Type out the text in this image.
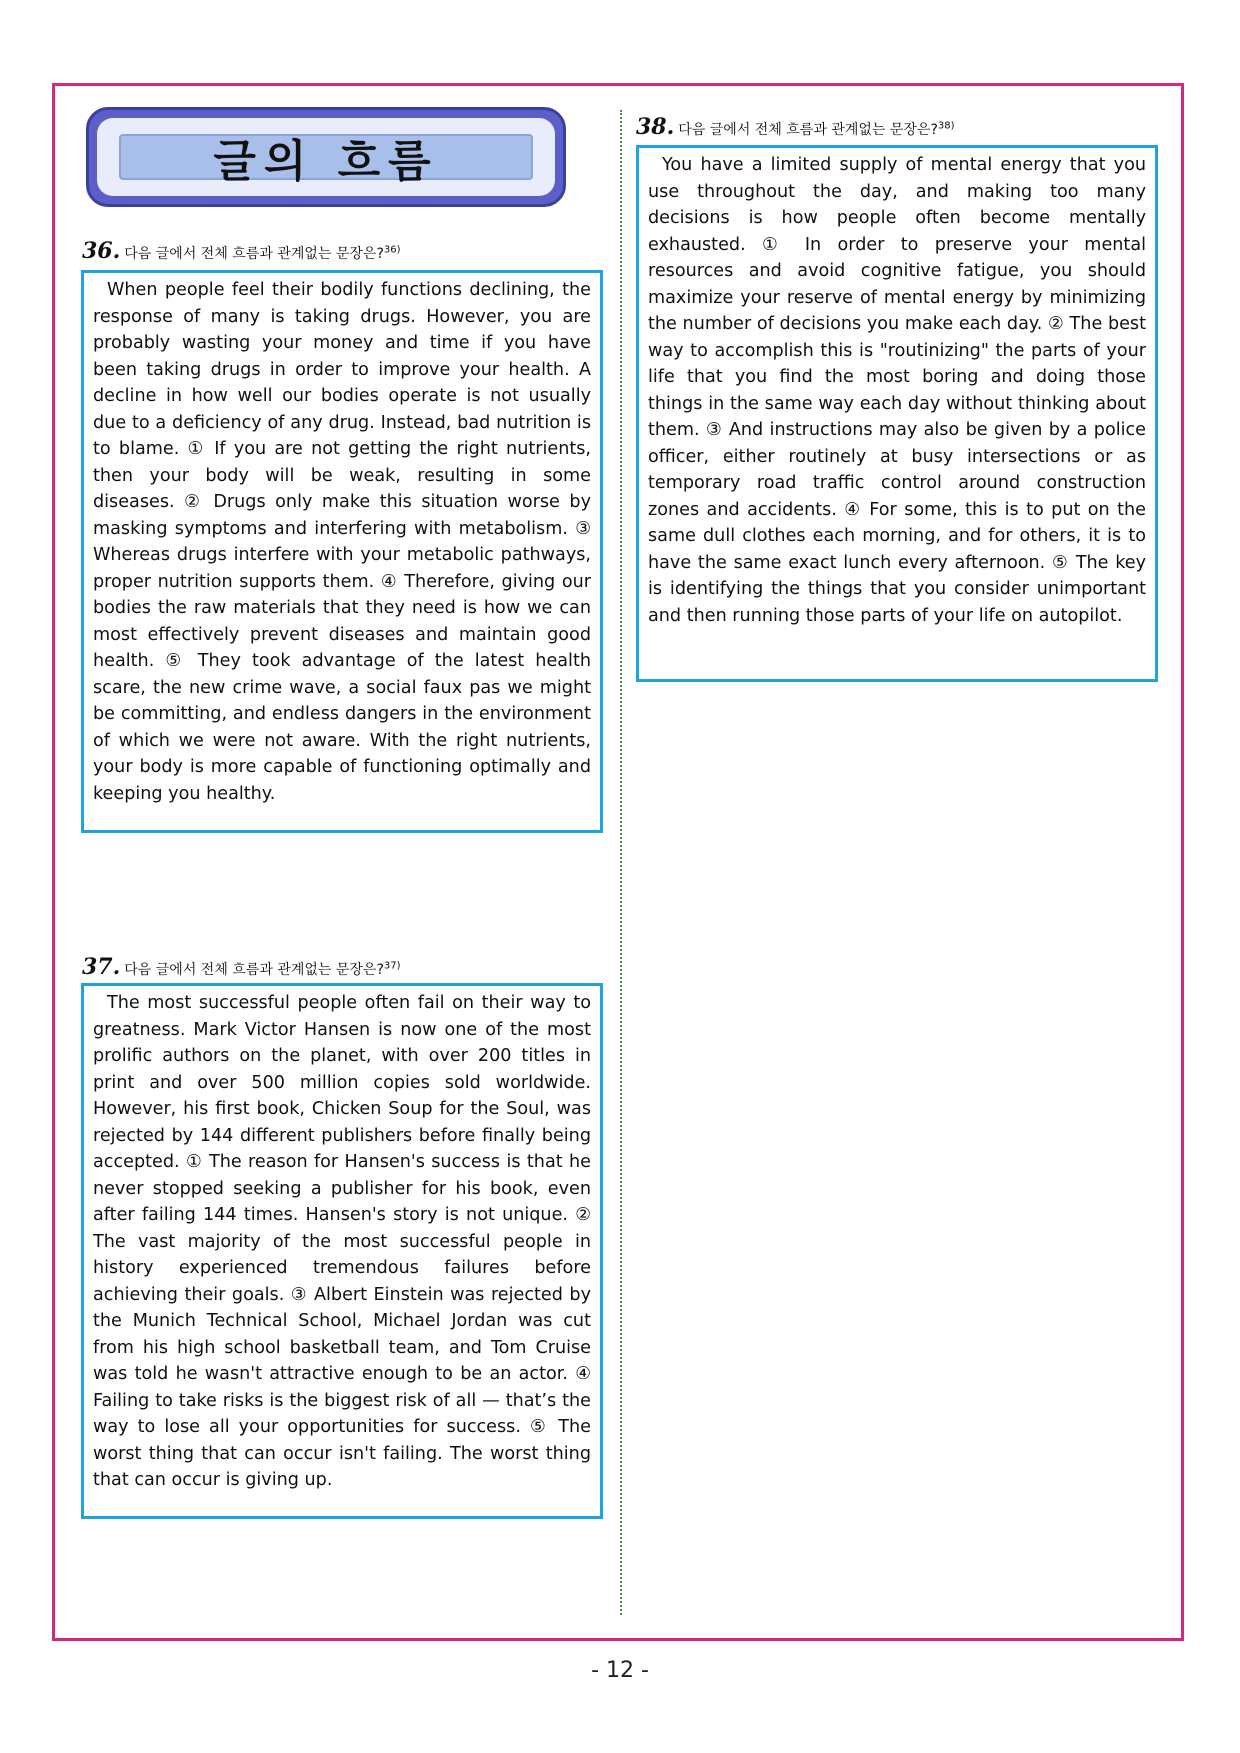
글의 흐름
36. 다음 글에서 전체 흐름과 관계없는 문장은?$^{36)}$

When people feel their bodily functions declining, the response of many is taking drugs. However, you are probably wasting your money and time if you have been taking drugs in order to improve your health. A decline in how well our bodies operate is not usually due to a deficiency of any drug. Instead, bad nutrition is to blame. ① If you are not getting the right nutrients, then your body will be weak, resulting in some diseases. ② Drugs only make this situation worse by masking symptoms and interfering with metabolism. ③ Whereas drugs interfere with your metabolic pathways, proper nutrition supports them. ④ Therefore, giving our bodies the raw materials that they need is how we can most effectively prevent diseases and maintain good health. ⑤ They took advantage of the latest health scare, the new crime wave, a social faux pas we might be committing, and endless dangers in the environment of which we were not aware. With the right nutrients, your body is more capable of functioning optimally and keeping you healthy.

37. 다음 글에서 전체 흐름과 관계없는 문장은?$^{37)}$

The most successful people often fail on their way to greatness. Mark Victor Hansen is now one of the most prolific authors on the planet, with over 200 titles in print and over 500 million copies sold worldwide. However, his first book, Chicken Soup for the Soul, was rejected by 144 different publishers before finally being accepted. ① The reason for Hansen's success is that he never stopped seeking a publisher for his book, even after failing 144 times. Hansen's story is not unique. ② The vast majority of the most successful people in history experienced tremendous failures before achieving their goals. ③ Albert Einstein was rejected by the Munich Technical School, Michael Jordan was cut from his high school basketball team, and Tom Cruise was told he wasn't attractive enough to be an actor. ④ Failing to take risks is the biggest risk of all — that’s the way to lose all your opportunities for success. ⑤ The worst thing that can occur isn't failing. The worst thing that can occur is giving up.

38. 다음 글에서 전체 흐름과 관계없는 문장은?$^{38)}$

You have a limited supply of mental energy that you use throughout the day, and making too many decisions is how people often become mentally exhausted. ① In order to preserve your mental resources and avoid cognitive fatigue, you should maximize your reserve of mental energy by minimizing the number of decisions you make each day. ② The best way to accomplish this is "routinizing" the parts of your life that you find the most boring and doing those things in the same way each day without thinking about them. ③ And instructions may also be given by a police officer, either routinely at busy intersections or as temporary road traffic control around construction zones and accidents. ④ For some, this is to put on the same dull clothes each morning, and for others, it is to have the same exact lunch every afternoon. ⑤ The key is identifying the things that you consider unimportant and then running those parts of your life on autopilot.

- 12 -
